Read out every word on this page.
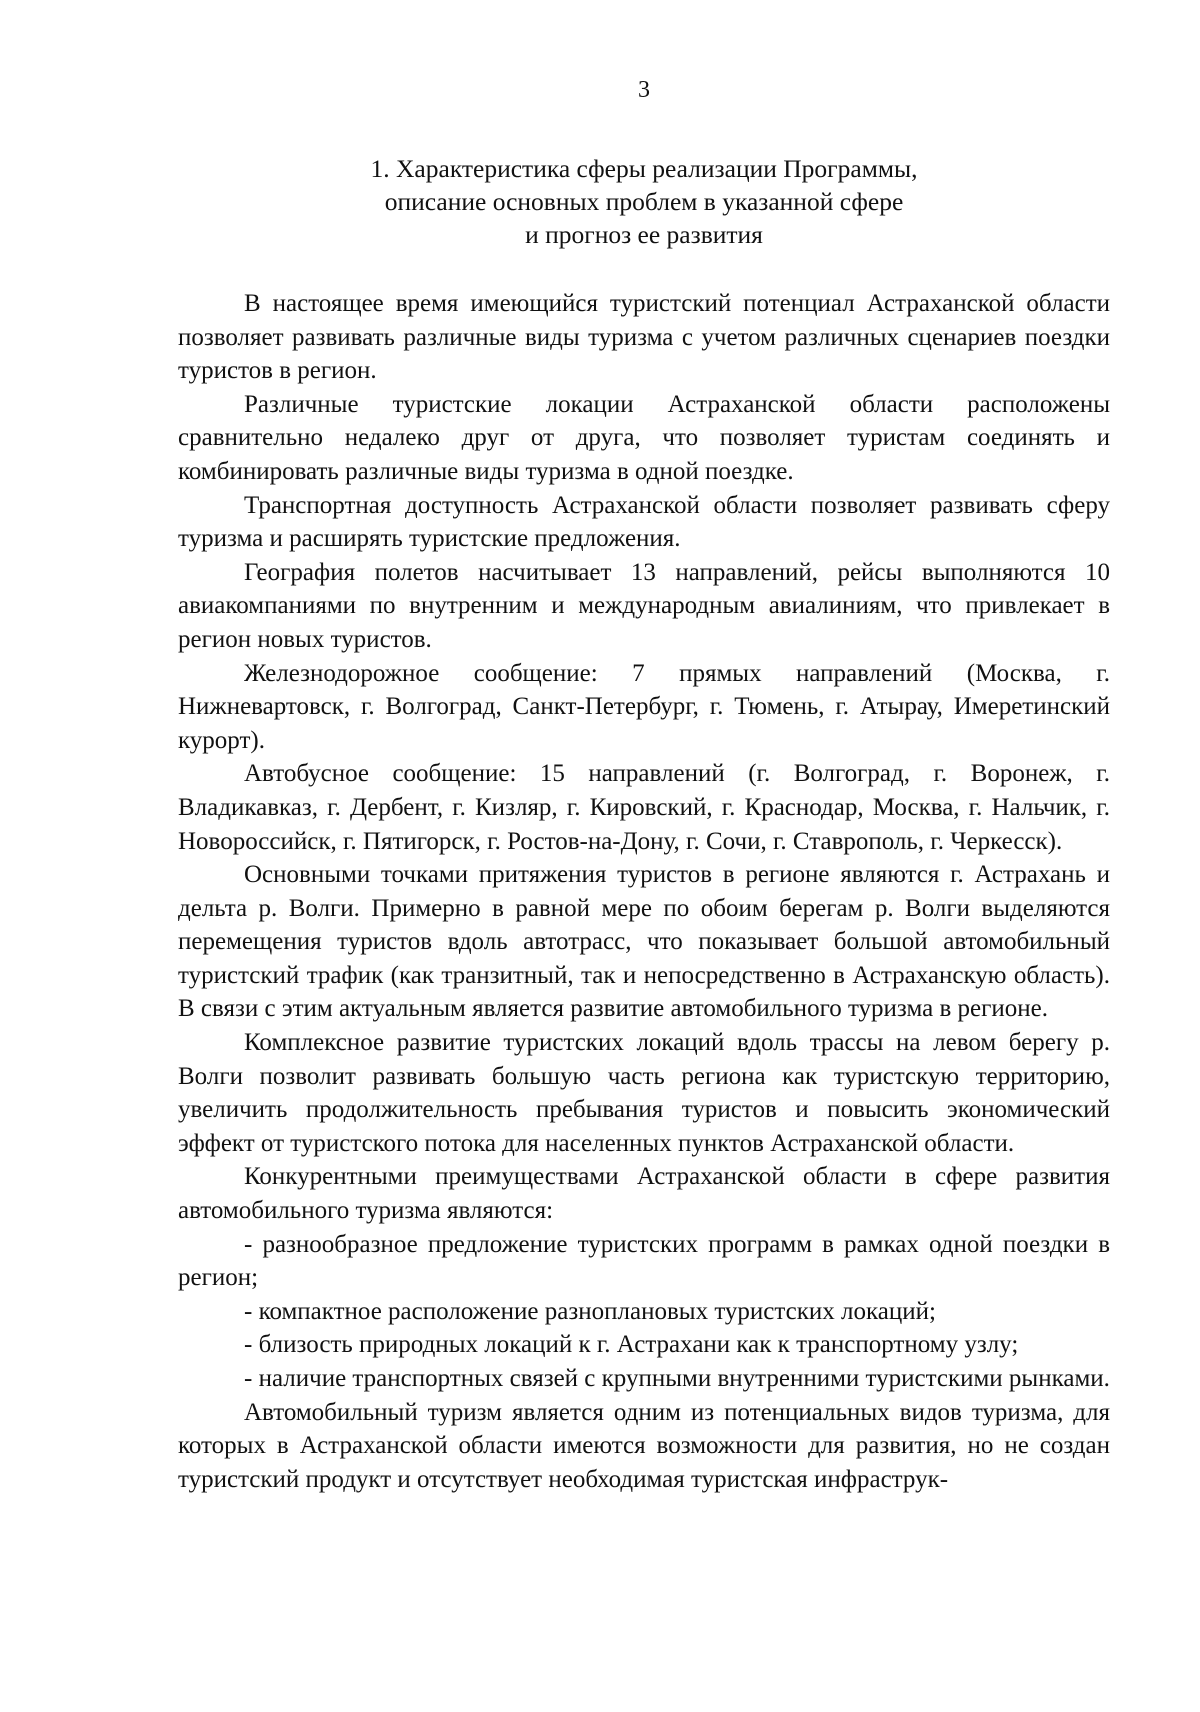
3
1. Характеристика сферы реализации Программы,
описание основных проблем в указанной сфере
и прогноз ее развития

В настоящее время имеющийся туристский потенциал Астраханской области позволяет развивать различные виды туризма с учетом различных сценариев поездки туристов в регион.

Различные туристские локации Астраханской области расположены сравнительно недалеко друг от друга, что позволяет туристам соединять и комбинировать различные виды туризма в одной поездке.

Транспортная доступность Астраханской области позволяет развивать сферу туризма и расширять туристские предложения.

География полетов насчитывает 13 направлений, рейсы выполняются 10 авиакомпаниями по внутренним и международным авиалиниям, что привлекает в регион новых туристов.

Железнодорожное сообщение: 7 прямых направлений (Москва, г. Нижневартовск, г. Волгоград, Санкт-Петербург, г. Тюмень, г. Атырау, Имеретинский курорт).

Автобусное сообщение: 15 направлений (г. Волгоград, г. Воронеж, г. Владикавказ, г. Дербент, г. Кизляр, г. Кировский, г. Краснодар, Москва, г. Нальчик, г. Новороссийск, г. Пятигорск, г. Ростов-на-Дону, г. Сочи, г. Ставрополь, г. Черкесск).

Основными точками притяжения туристов в регионе являются г. Астрахань и дельта р. Волги. Примерно в равной мере по обоим берегам р. Волги выделяются перемещения туристов вдоль автотрасс, что показывает большой автомобильный туристский трафик (как транзитный, так и непосредственно в Астраханскую область). В связи с этим актуальным является развитие автомобильного туризма в регионе.

Комплексное развитие туристских локаций вдоль трассы на левом берегу р. Волги позволит развивать большую часть региона как туристскую территорию, увеличить продолжительность пребывания туристов и повысить экономический эффект от туристского потока для населенных пунктов Астраханской области.

Конкурентными преимуществами Астраханской области в сфере развития автомобильного туризма являются:

- разнообразное предложение туристских программ в рамках одной поездки в регион;

- компактное расположение разноплановых туристских локаций;

- близость природных локаций к г. Астрахани как к транспортному узлу;

- наличие транспортных связей с крупными внутренними туристскими рынками.

Автомобильный туризм является одним из потенциальных видов туризма, для которых в Астраханской области имеются возможности для развития, но не создан туристский продукт и отсутствует необходимая туристская инфраструк-
